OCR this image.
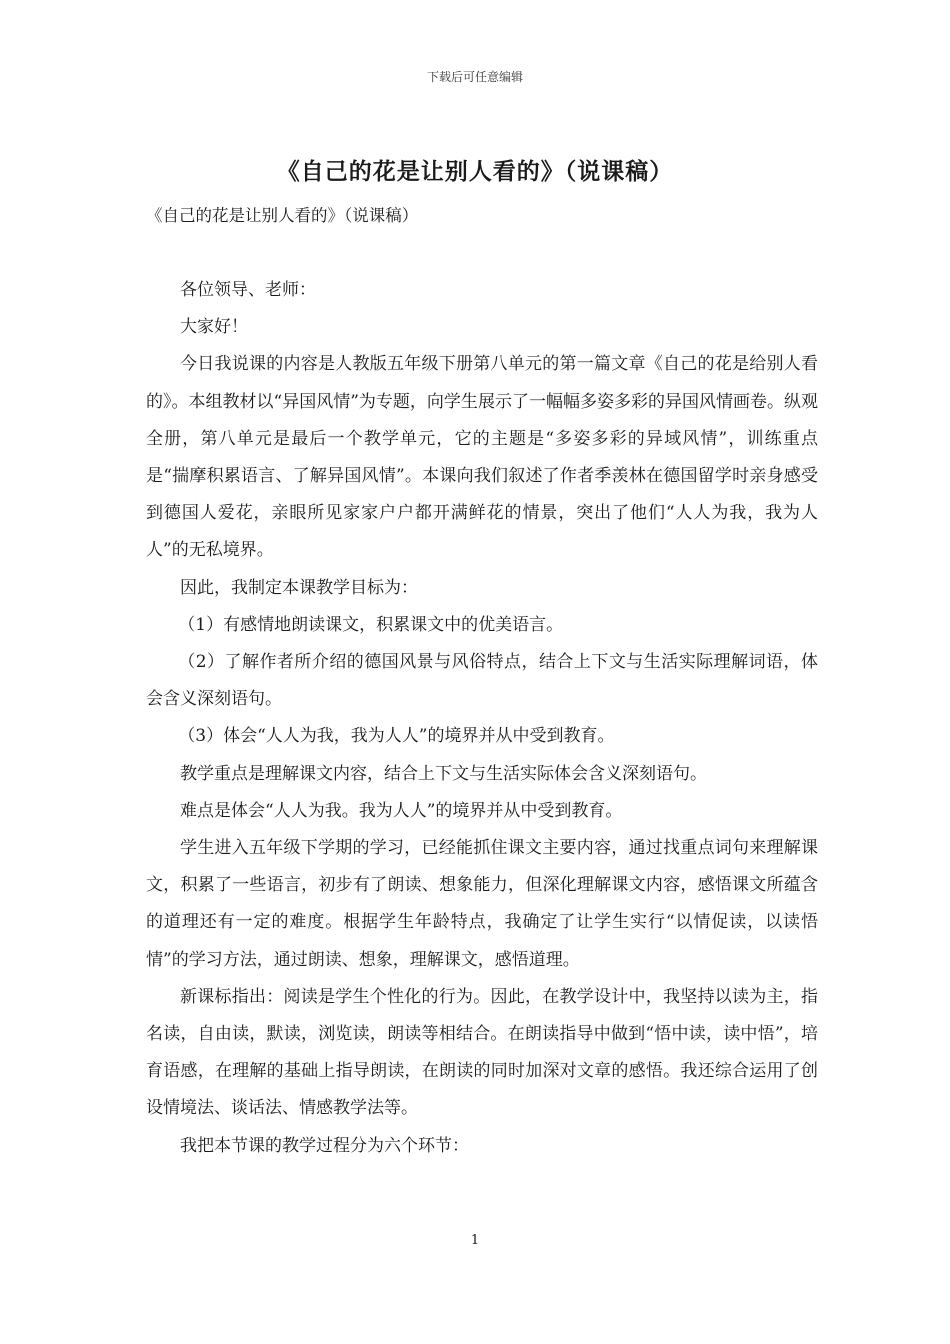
下载后可任意编辑
《自己的花是让别人看的》（说课稿）
《自己的花是让别人看的》（说课稿）

各位领导、老师：

大家好！

今日我说课的内容是人教版五年级下册第八单元的第一篇文章《自己的花是给别人看的》。本组教材以“异国风情”为专题，向学生展示了一幅幅多姿多彩的异国风情画卷。纵观全册，第八单元是最后一个教学单元，它的主题是“多姿多彩的异域风情”，训练重点是“揣摩积累语言、了解异国风情”。本课向我们叙述了作者季羡林在德国留学时亲身感受到德国人爱花，亲眼所见家家户户都开满鲜花的情景，突出了他们“人人为我，我为人人”的无私境界。

因此，我制定本课教学目标为：

（1）有感情地朗读课文，积累课文中的优美语言。

（2）了解作者所介绍的德国风景与风俗特点，结合上下文与生活实际理解词语，体会含义深刻语句。

（3）体会“人人为我，我为人人”的境界并从中受到教育。

教学重点是理解课文内容，结合上下文与生活实际体会含义深刻语句。

难点是体会“人人为我。我为人人”的境界并从中受到教育。

学生进入五年级下学期的学习，已经能抓住课文主要内容，通过找重点词句来理解课文，积累了一些语言，初步有了朗读、想象能力，但深化理解课文内容，感悟课文所蕴含的道理还有一定的难度。根据学生年龄特点，我确定了让学生实行“以情促读，以读悟情”的学习方法，通过朗读、想象，理解课文，感悟道理。

新课标指出：阅读是学生个性化的行为。因此，在教学设计中，我坚持以读为主，指名读，自由读，默读，浏览读，朗读等相结合。在朗读指导中做到“悟中读，读中悟”，培育语感，在理解的基础上指导朗读，在朗读的同时加深对文章的感悟。我还综合运用了创设情境法、谈话法、情感教学法等。

我把本节课的教学过程分为六个环节：

1
